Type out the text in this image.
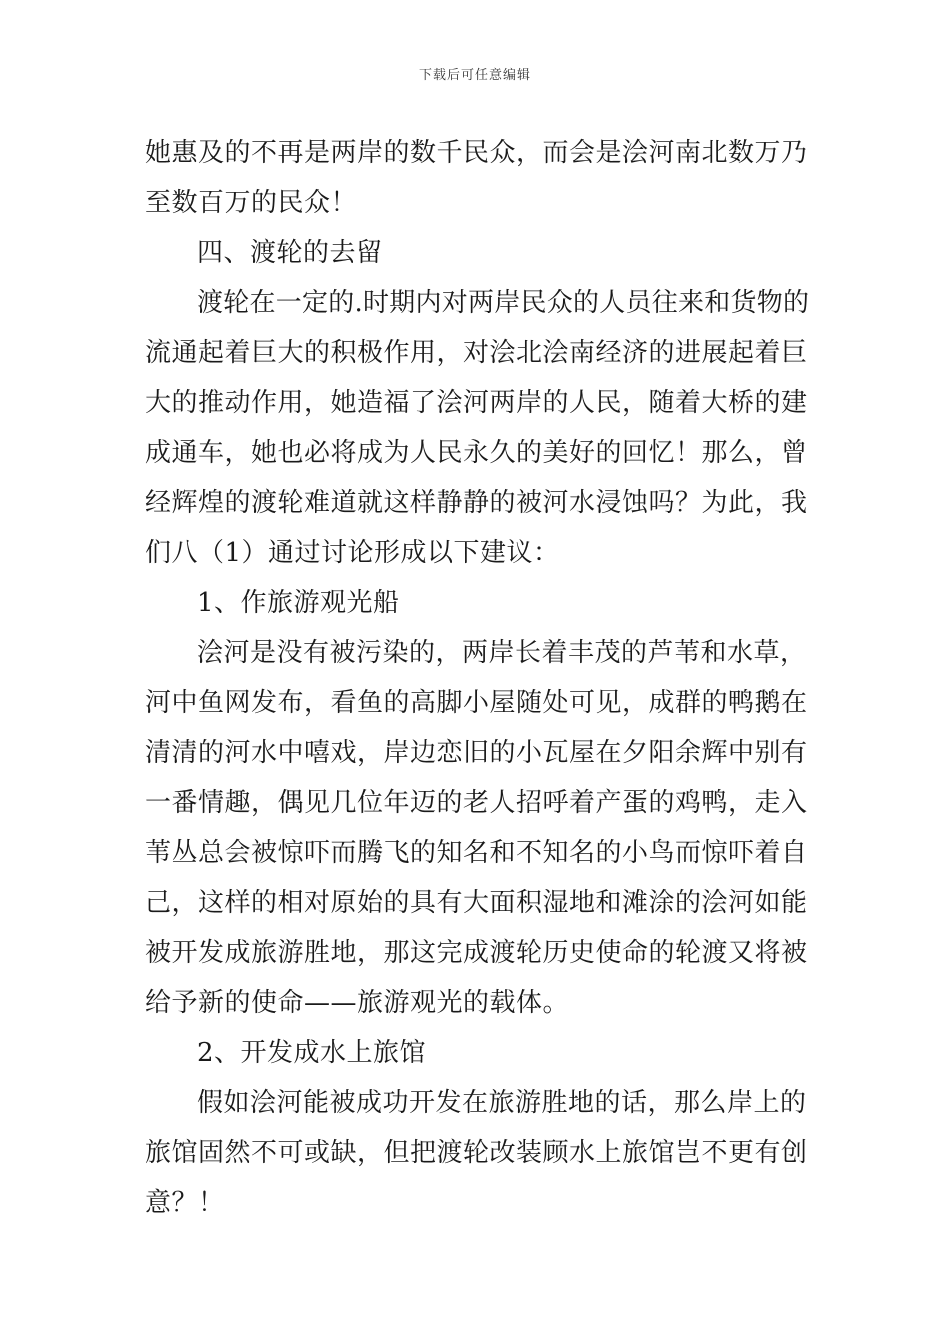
下载后可任意编辑

她惠及的不再是两岸的数千民众，而会是浍河南北数万乃
至数百万的民众！

四、渡轮的去留

渡轮在一定的.时期内对两岸民众的人员往来和货物的
流通起着巨大的积极作用，对浍北浍南经济的进展起着巨
大的推动作用，她造福了浍河两岸的人民，随着大桥的建
成通车，她也必将成为人民永久的美好的回忆！那么，曾
经辉煌的渡轮难道就这样静静的被河水浸蚀吗？为此，我
们八（1）通过讨论形成以下建议：

1、作旅游观光船

浍河是没有被污染的，两岸长着丰茂的芦苇和水草，
河中鱼网发布，看鱼的高脚小屋随处可见，成群的鸭鹅在
清清的河水中嘻戏，岸边恋旧的小瓦屋在夕阳余辉中别有
一番情趣，偶见几位年迈的老人招呼着产蛋的鸡鸭，走入
苇丛总会被惊吓而腾飞的知名和不知名的小鸟而惊吓着自
己，这样的相对原始的具有大面积湿地和滩涂的浍河如能
被开发成旅游胜地，那这完成渡轮历史使命的轮渡又将被
给予新的使命——旅游观光的载体。

2、开发成水上旅馆

假如浍河能被成功开发在旅游胜地的话，那么岸上的
旅馆固然不可或缺，但把渡轮改装顾水上旅馆岂不更有创
意？！
